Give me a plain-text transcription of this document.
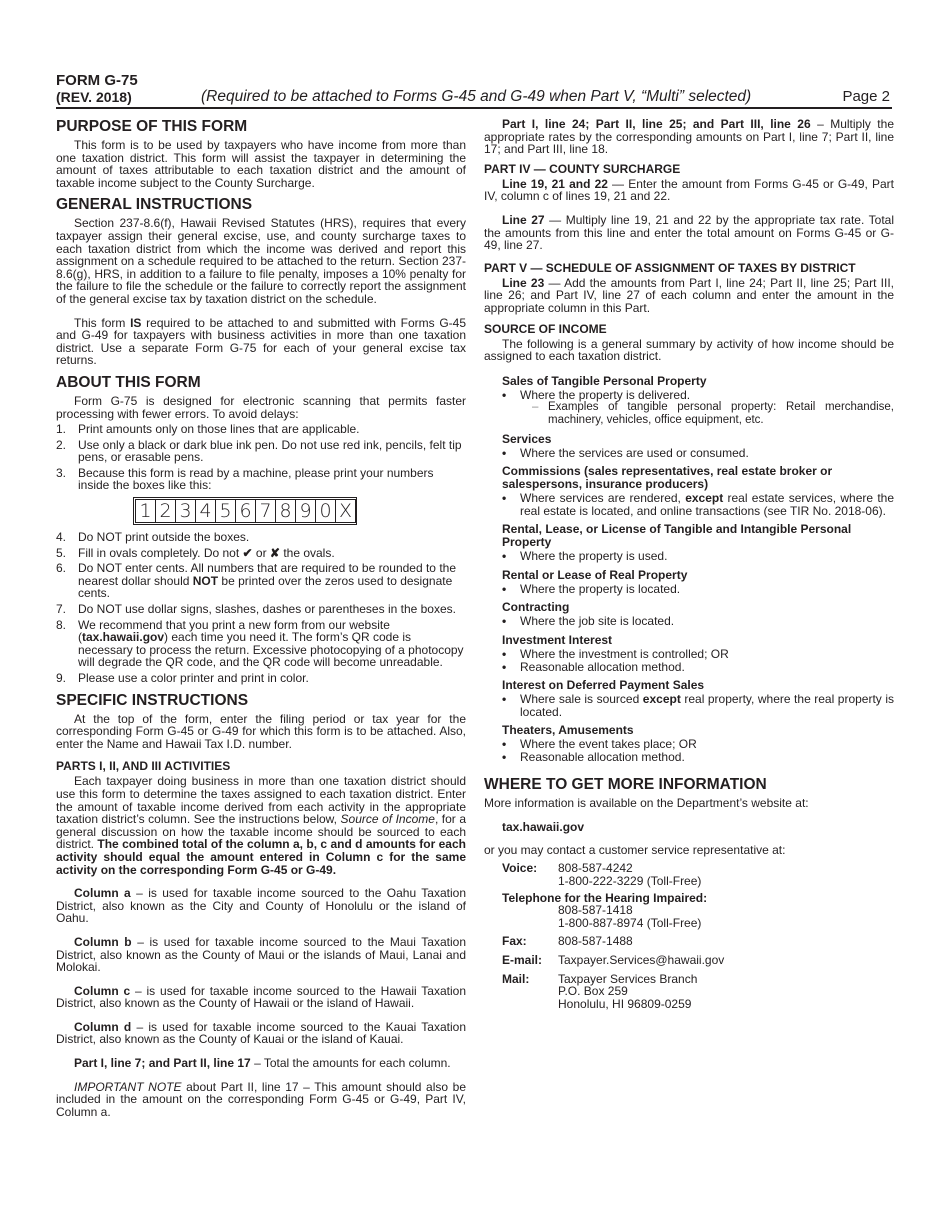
FORM G-75
(REV. 2018)	(Required to be attached to Forms G-45 and G-49 when Part V, “Multi” selected)	Page 2
PURPOSE OF THIS FORM

This form is to be used by taxpayers who have income from more than one taxation district. This form will assist the taxpayer in determining the amount of taxes attributable to each taxation district and the amount of taxable income subject to the County Surcharge.

GENERAL INSTRUCTIONS

Section 237-8.6(f), Hawaii Revised Statutes (HRS), requires that every taxpayer assign their general excise, use, and county surcharge taxes to each taxation district from which the income was derived and report this assignment on a schedule required to be attached to the return. Section 237-8.6(g), HRS, in addition to a failure to file penalty, imposes a 10% penalty for the failure to file the schedule or the failure to correctly report the assignment of the general excise tax by taxation district on the schedule.

This form IS required to be attached to and submitted with Forms G-45 and G-49 for taxpayers with business activities in more than one taxation district. Use a separate Form G-75 for each of your general excise tax returns.

ABOUT THIS FORM

Form G-75 is designed for electronic scanning that permits faster processing with fewer errors. To avoid delays:

1. Print amounts only on those lines that are applicable.
2. Use only a black or dark blue ink pen. Do not use red ink, pencils, felt tip pens, or erasable pens.
3. Because this form is read by a machine, please print your numbers inside the boxes like this:
1 2 3 4 5 6 7 8 9 0 X
4. Do NOT print outside the boxes.
5. Fill in ovals completely. Do not ✔ or ✘ the ovals.
6. Do NOT enter cents. All numbers that are required to be rounded to the nearest dollar should NOT be printed over the zeros used to designate cents.
7. Do NOT use dollar signs, slashes, dashes or parentheses in the boxes.
8. We recommend that you print a new form from our website (tax.hawaii.gov) each time you need it. The form’s QR code is necessary to process the return. Excessive photocopying of a photocopy will degrade the QR code, and the QR code will become unreadable.
9. Please use a color printer and print in color.
SPECIFIC INSTRUCTIONS

At the top of the form, enter the filing period or tax year for the corresponding Form G-45 or G-49 for which this form is to be attached. Also, enter the Name and Hawaii Tax I.D. number.

PARTS I, II, AND III ACTIVITIES

Each taxpayer doing business in more than one taxation district should use this form to determine the taxes assigned to each taxation district. Enter the amount of taxable income derived from each activity in the appropriate taxation district’s column. See the instructions below, Source of Income, for a general discussion on how the taxable income should be sourced to each district. The combined total of the column a, b, c and d amounts for each activity should equal the amount entered in Column c for the same activity on the corresponding Form G-45 or G-49.

Column a – is used for taxable income sourced to the Oahu Taxation District, also known as the City and County of Honolulu or the island of Oahu.

Column b – is used for taxable income sourced to the Maui Taxation District, also known as the County of Maui or the islands of Maui, Lanai and Molokai.

Column c – is used for taxable income sourced to the Hawaii Taxation District, also known as the County of Hawaii or the island of Hawaii.

Column d – is used for taxable income sourced to the Kauai Taxation District, also known as the County of Kauai or the island of Kauai.

Part I, line 7; and Part II, line 17 – Total the amounts for each column.

IMPORTANT NOTE about Part II, line 17 – This amount should also be included in the amount on the corresponding Form G-45 or G-49, Part IV, Column a.

Part I, line 24; Part II, line 25; and Part III, line 26 – Multiply the appropriate rates by the corresponding amounts on Part I, line 7; Part II, line 17; and Part III, line 18.

PART IV — COUNTY SURCHARGE

Line 19, 21 and 22 — Enter the amount from Forms G-45 or G-49, Part IV, column c of lines 19, 21 and 22.

Line 27 — Multiply line 19, 21 and 22 by the appropriate tax rate. Total the amounts from this line and enter the total amount on Forms G-45 or G-49, line 27.

PART V — SCHEDULE OF ASSIGNMENT OF TAXES BY DISTRICT

Line 23 — Add the amounts from Part I, line 24; Part II, line 25; Part III, line 26; and Part IV, line 27 of each column and enter the amount in the appropriate column in this Part.

SOURCE OF INCOME

The following is a general summary by activity of how income should be assigned to each taxation district.

Sales of Tangible Personal Property

• Where the property is delivered.

– Examples of tangible personal property: Retail merchandise, machinery, vehicles, office equipment, etc.

Services

• Where the services are used or consumed.

Commissions (sales representatives, real estate broker or salespersons, insurance producers)

• Where services are rendered, except real estate services, where the real estate is located, and online transactions (see TIR No. 2018-06).

Rental, Lease, or License of Tangible and Intangible Personal Property

• Where the property is used.

Rental or Lease of Real Property

• Where the property is located.

Contracting

• Where the job site is located.

Investment Interest

• Where the investment is controlled; OR

• Reasonable allocation method.

Interest on Deferred Payment Sales

• Where sale is sourced except real property, where the real property is located.

Theaters, Amusements

• Where the event takes place; OR

• Reasonable allocation method.

WHERE TO GET MORE INFORMATION

More information is available on the Department’s website at:

tax.hawaii.gov

or you may contact a customer service representative at:

Voice:	808-587-4242
1-800-222-3229 (Toll-Free)
Telephone for the Hearing Impaired:
808-587-1418
1-800-887-8974 (Toll-Free)
Fax:	808-587-1488
E-mail:	Taxpayer.Services@hawaii.gov
Mail:	Taxpayer Services Branch
P.O. Box 259
Honolulu, HI 96809-0259
